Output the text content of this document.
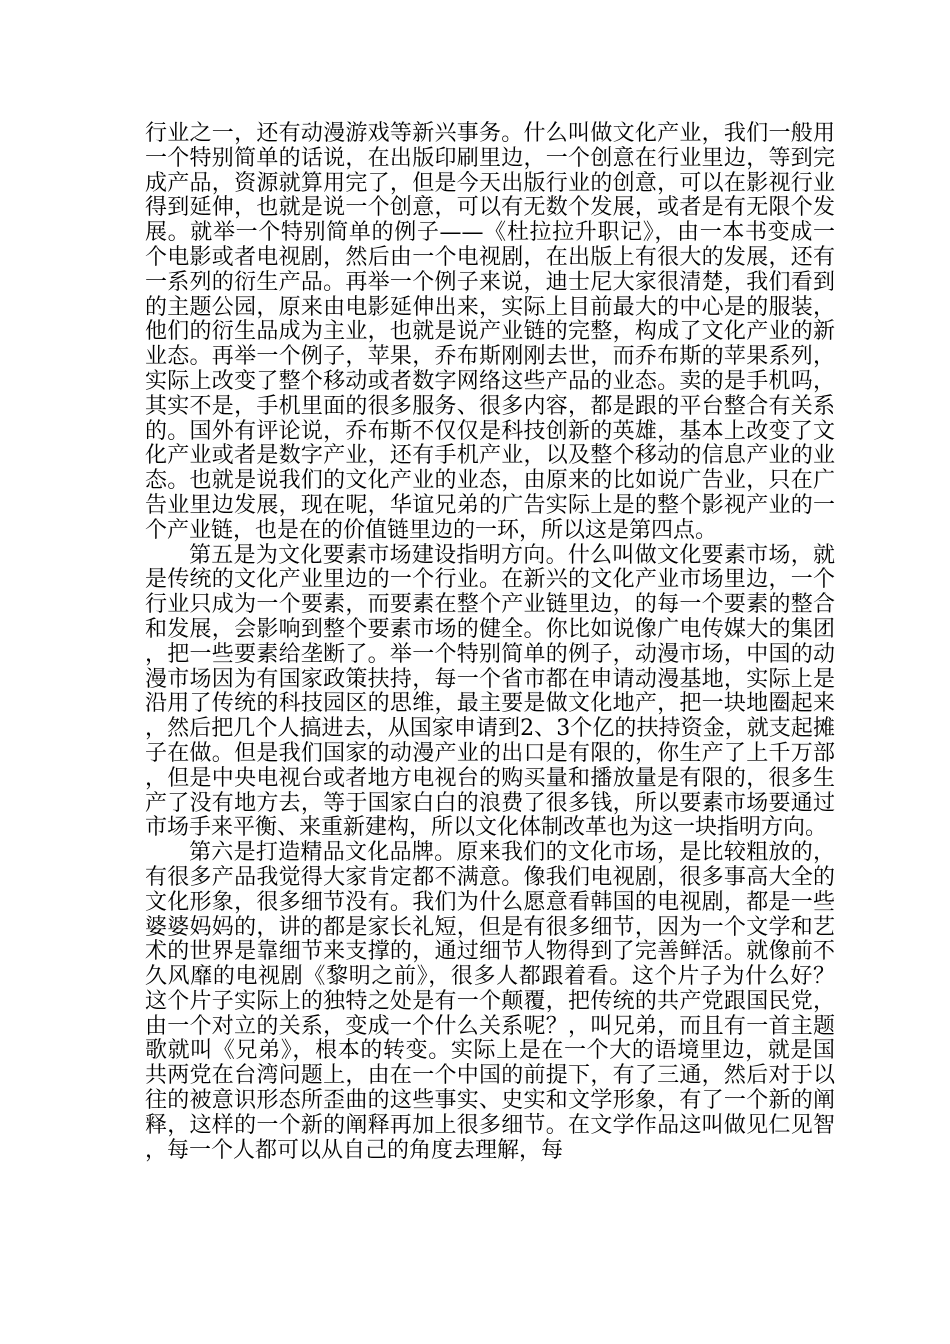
行业之一，还有动漫游戏等新兴事务。什么叫做文化产业，我们一般用一个特别简单的话说，在出版印刷里边，一个创意在行业里边，等到完成产品，资源就算用完了，但是今天出版行业的创意，可以在影视行业得到延伸，也就是说一个创意，可以有无数个发展，或者是有无限个发展。就举一个特别简单的例子——《杜拉拉升职记》，由一本书变成一个电影或者电视剧，然后由一个电视剧，在出版上有很大的发展，还有一系列的衍生产品。再举一个例子来说，迪士尼大家很清楚，我们看到的主题公园，原来由电影延伸出来，实际上目前最大的中心是的服装，他们的衍生品成为主业，也就是说产业链的完整，构成了文化产业的新业态。再举一个例子，苹果，乔布斯刚刚去世，而乔布斯的苹果系列，实际上改变了整个移动或者数字网络这些产品的业态。卖的是手机吗，其实不是，手机里面的很多服务、很多内容，都是跟的平台整合有关系的。国外有评论说，乔布斯不仅仅是科技创新的英雄，基本上改变了文化产业或者是数字产业，还有手机产业，以及整个移动的信息产业的业态。也就是说我们的文化产业的业态，由原来的比如说广告业，只在广告业里边发展，现在呢，华谊兄弟的广告实际上是的整个影视产业的一个产业链，也是在的价值链里边的一环，所以这是第四点。

第五是为文化要素市场建设指明方向。什么叫做文化要素市场，就是传统的文化产业里边的一个行业。在新兴的文化产业市场里边，一个行业只成为一个要素，而要素在整个产业链里边，的每一个要素的整合和发展，会影响到整个要素市场的健全。你比如说像广电传媒大的集团，把一些要素给垄断了。举一个特别简单的例子，动漫市场，中国的动漫市场因为有国家政策扶持，每一个省市都在申请动漫基地，实际上是沿用了传统的科技园区的思维，最主要是做文化地产，把一块地圈起来，然后把几个人搞进去，从国家申请到2、3个亿的扶持资金，就支起摊子在做。但是我们国家的动漫产业的出口是有限的，你生产了上千万部，但是中央电视台或者地方电视台的购买量和播放量是有限的，很多生产了没有地方去，等于国家白白的浪费了很多钱，所以要素市场要通过市场手来平衡、来重新建构，所以文化体制改革也为这一块指明方向。

第六是打造精品文化品牌。原来我们的文化市场，是比较粗放的，有很多产品我觉得大家肯定都不满意。像我们电视剧，很多事高大全的文化形象，很多细节没有。我们为什么愿意看韩国的电视剧，都是一些婆婆妈妈的，讲的都是家长礼短，但是有很多细节，因为一个文学和艺术的世界是靠细节来支撑的，通过细节人物得到了完善鲜活。就像前不久风靡的电视剧《黎明之前》，很多人都跟着看。这个片子为什么好？这个片子实际上的独特之处是有一个颠覆，把传统的共产党跟国民党，由一个对立的关系，变成一个什么关系呢？，叫兄弟，而且有一首主题歌就叫《兄弟》，根本的转变。实际上是在一个大的语境里边，就是国共两党在台湾问题上，由在一个中国的前提下，有了三通，然后对于以往的被意识形态所歪曲的这些事实、史实和文学形象，有了一个新的阐释，这样的一个新的阐释再加上很多细节。在文学作品这叫做见仁见智，每一个人都可以从自己的角度去理解，每
